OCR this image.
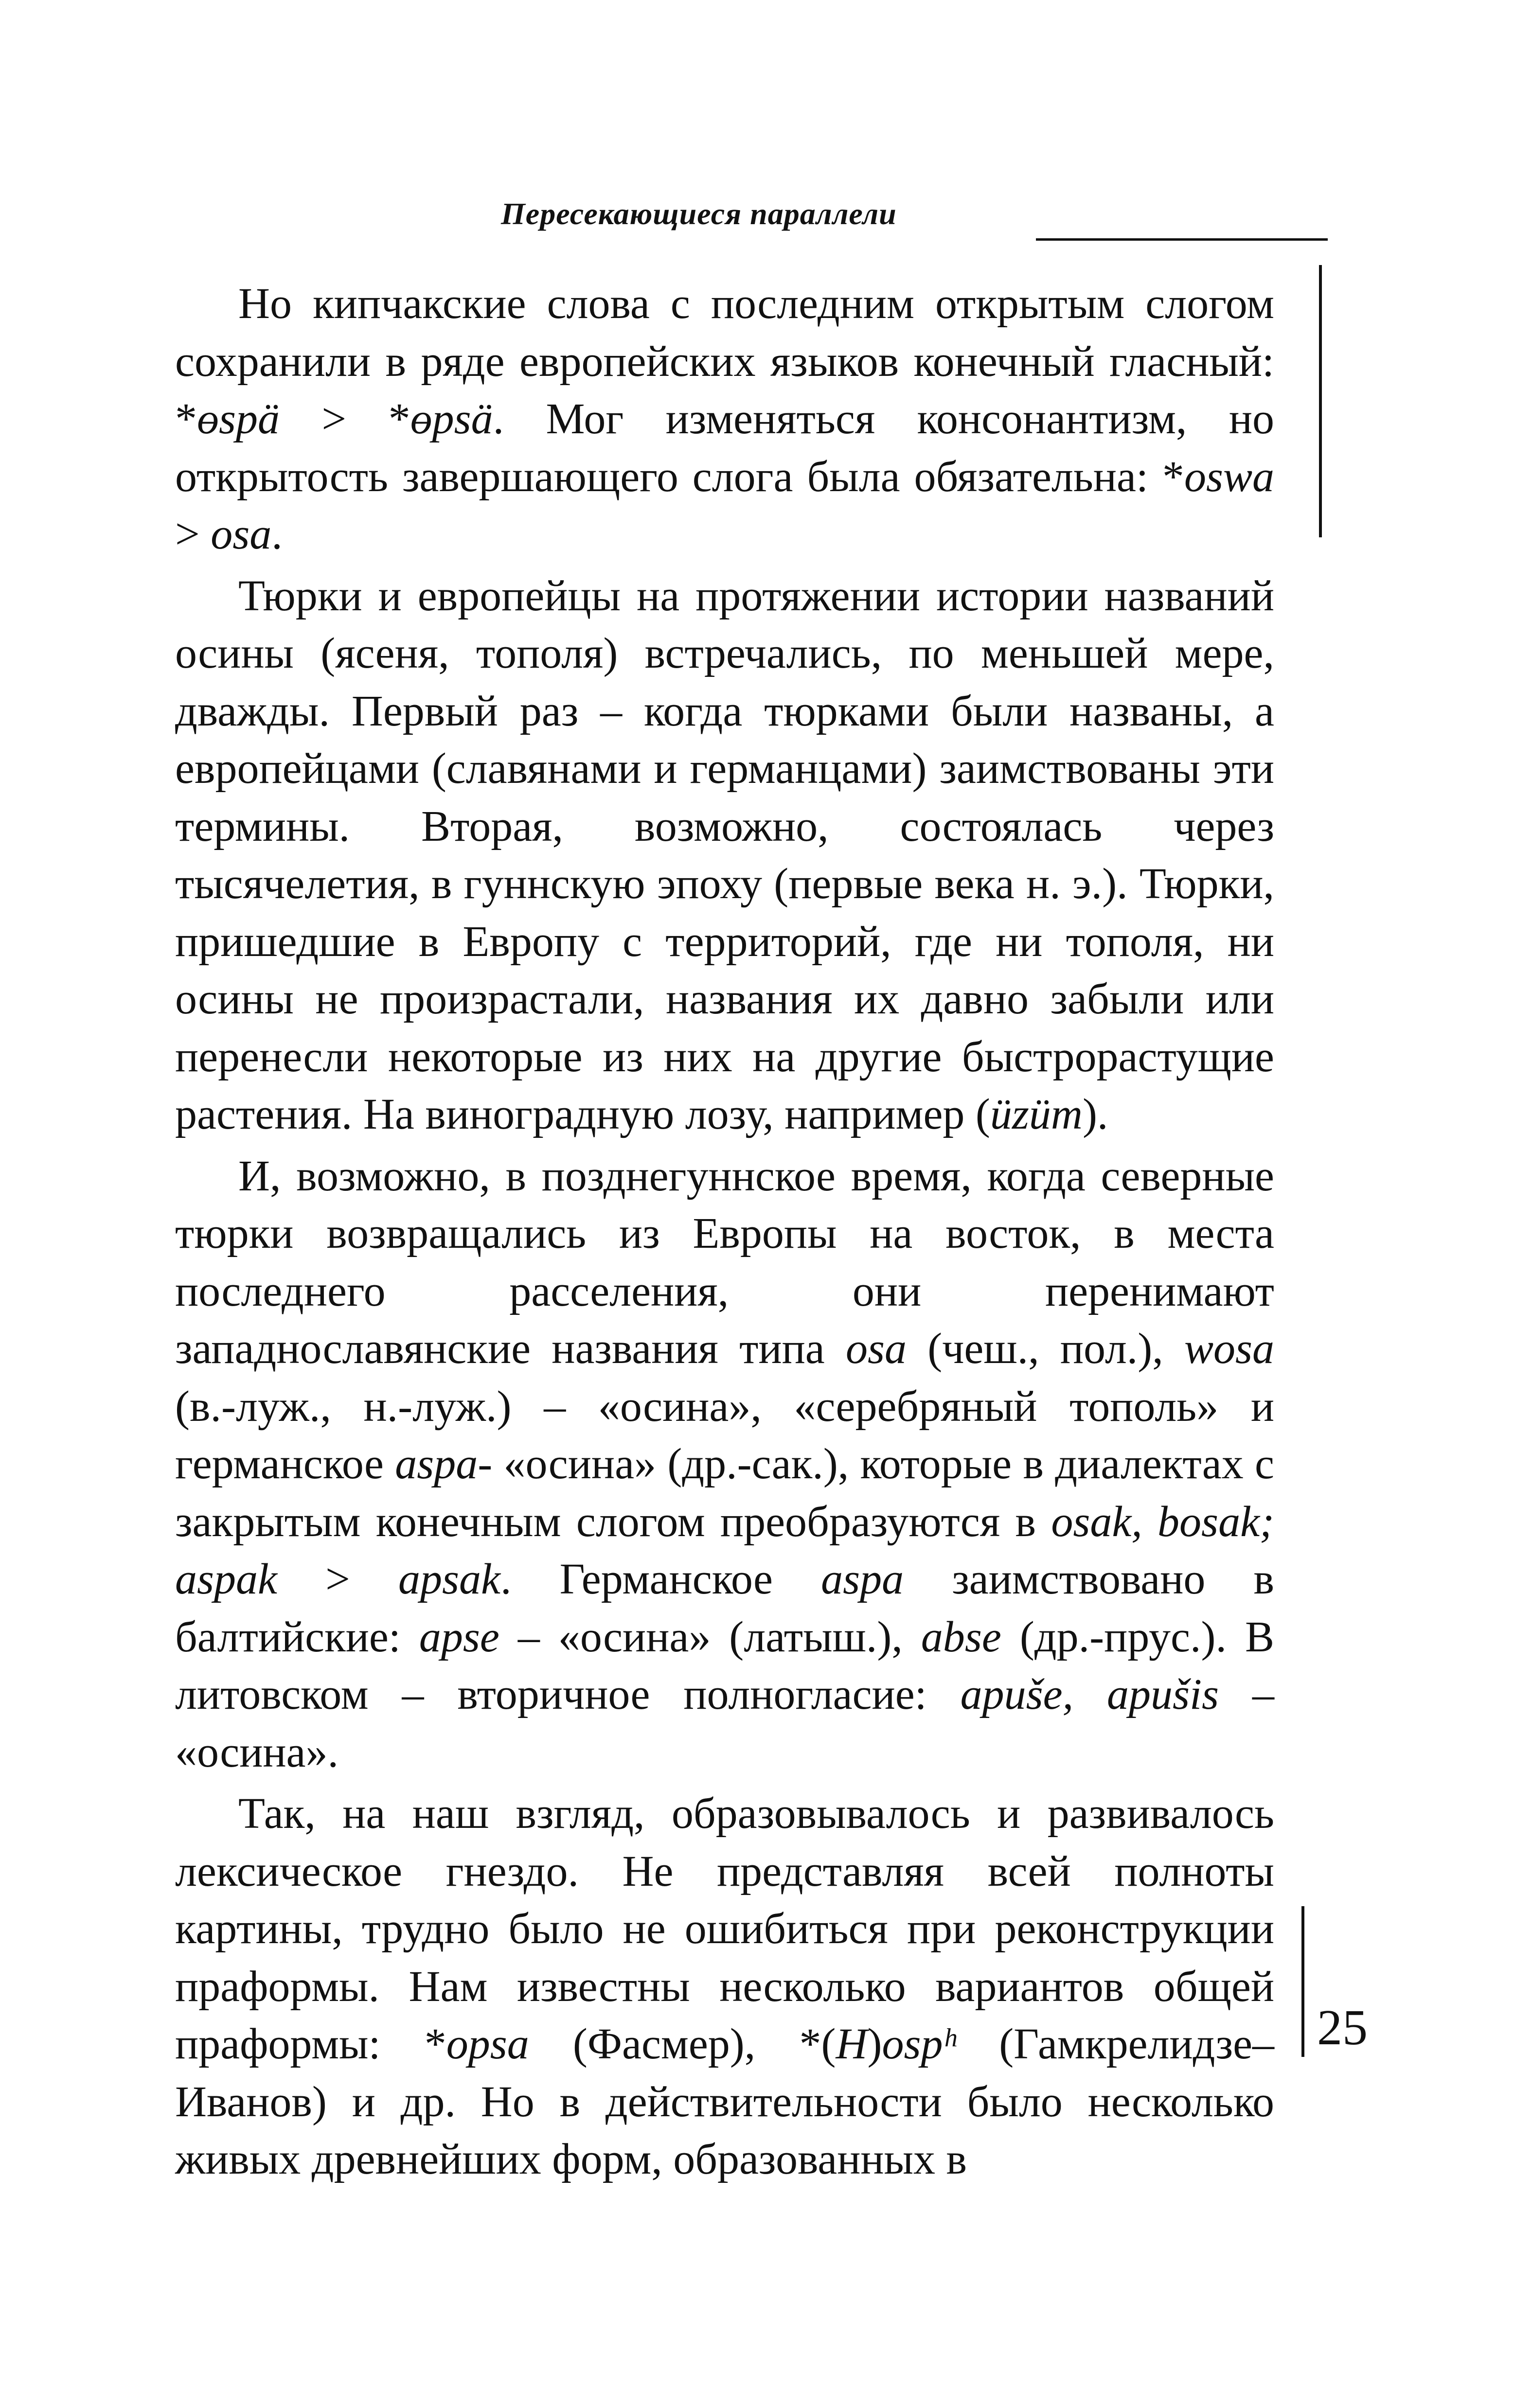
Пересекающиеся параллели

Но кипчакские слова с последним открытым слогом сохранили в ряде европейских языков конечный гласный: *өspä > *өpsä. Мог изменяться консонантизм, но открытость завершающего слога была обязательна: *oswa > osa.

Тюрки и европейцы на протяжении истории названий осины (ясеня, тополя) встречались, по меньшей мере, дважды. Первый раз – когда тюрками были названы, а европейцами (славянами и германцами) заимствованы эти термины. Вторая, возможно, состоялась через тысячелетия, в гуннскую эпоху (первые века н. э.). Тюрки, пришедшие в Европу с территорий, где ни тополя, ни осины не произрастали, названия их давно забыли или перенесли некоторые из них на другие быстрорастущие растения. На виноградную лозу, например (üzüm).

И, возможно, в позднегуннское время, когда северные тюрки возвращались из Европы на восток, в места последнего расселения, они перенимают западнославянские названия типа osa (чеш., пол.), wosa (в.-луж., н.-луж.) – «осина», «серебряный тополь» и германское aspa- «осина» (др.-сак.), которые в диалектах с закрытым конечным слогом преобразуются в osak, bosak; aspak > apsak. Германское aspa заимствовано в балтийские: apse – «осина» (латыш.), abse (др.-прус.). В литовском – вторичное полногласие: apuše, apušis – «осина».

Так, на наш взгляд, образовывалось и развивалось лексическое гнездо. Не представляя всей полноты картины, трудно было не ошибиться при реконструкции праформы. Нам известны несколько вариантов общей праформы: *opsa (Фасмер), *(H)ospʰ (Гамкрелидзе–Иванов) и др. Но в действительности было несколько живых древнейших форм, образованных в

25
